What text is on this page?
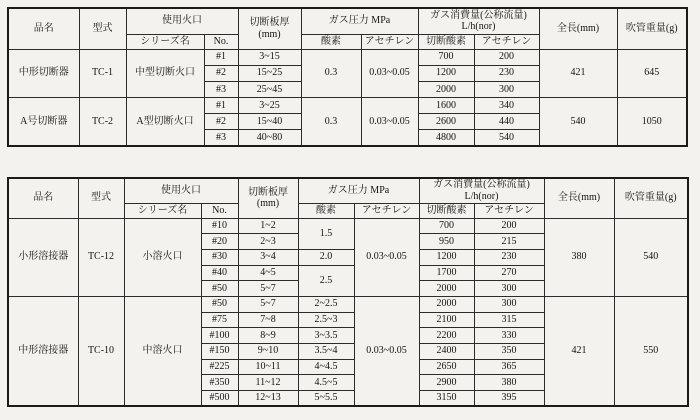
品名	型式	使用火口	切断板厚
(mm)
	ガス圧力 MPa	
ガス消費量(公称流量)
L/h(nor)	全長(mm)	吹管重量(g)
		シリーズ名	No.		酸素	アセチレン	切断酸素	アセチレン		
中形切断器	TC-1	中型切断火口	#1	3~15	0.3	0.03~0.05	700	200	421	645
			#2	15~25			1200	230		
			#3	25~45			2000	300		
A号切断器	TC-2	A型切断火口	#1	3~25	0.3	0.03~0.05	1600	340	540	1050
			#2	15~40			2600	440		
			#3	40~80			4800	540		
品名	型式	使用火口	切断板厚
(mm)
	ガス圧力 MPa	
ガス消費量(公称流量)
L/h(nor)	全長(mm)	吹管重量(g)
		シリーズ名	No.		酸素	アセチレン	切断酸素	アセチレン		
小形溶接器	TC-12	小溶火口	#10	1~2	1.5	0.03~0.05	700	200	380	540
			#20	2~3			950	215		
			#30	3~4	2.0		1200	230		
			#40	4~5	2.5		1700	270		
			#50	5~7			2000	300		
中形溶接器	TC-10	中溶火口	#50	5~7	2~2.5	0.03~0.05	2000	300	421	550
			#75	7~8	2.5~3		2100	315		
			#100	8~9	3~3.5		2200	330		
			#150	9~10	3.5~4		2400	350		
			#225	10~11	4~4.5		2650	365		
			#350	11~12	4.5~5		2900	380		
			#500	12~13	5~5.5		3150	395		
